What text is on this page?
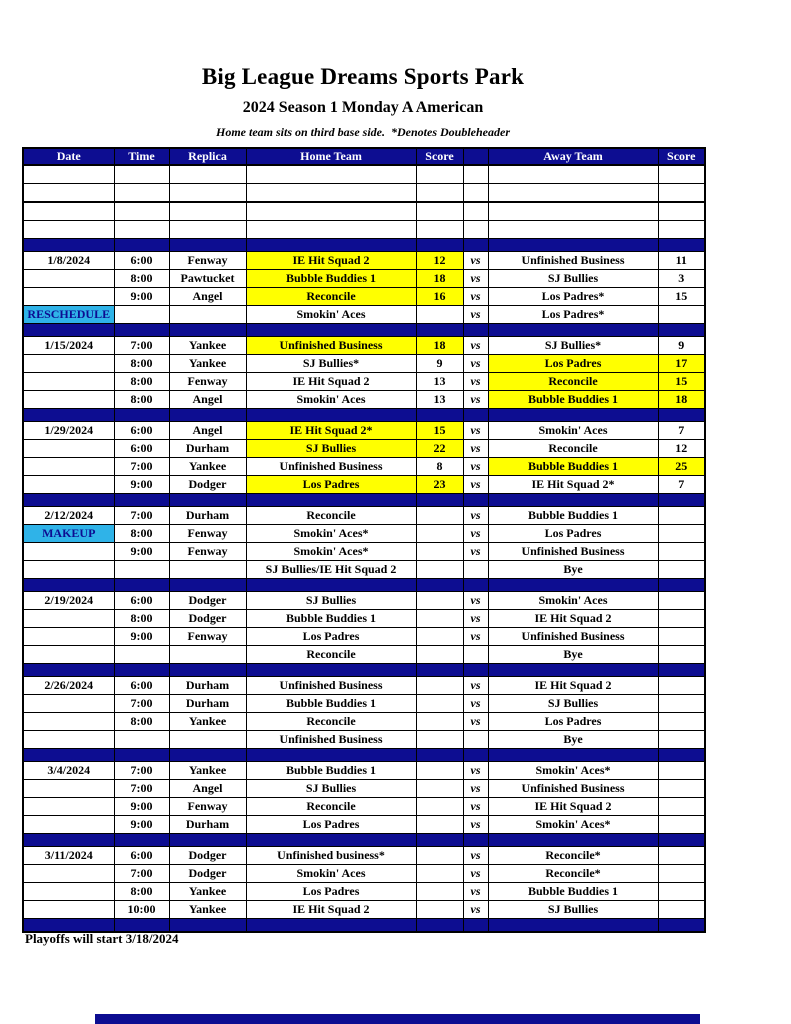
Big League Dreams Sports Park
2024 Season 1 Monday A American
Home team sits on third base side.  *Denotes Doubleheader
Date	Time	Replica	Home Team	Score		Away Team	Score

1/8/2024	6:00	Fenway	IE Hit Squad 2	12	vs	Unfinished Business	11
	8:00	Pawtucket	Bubble Buddies 1	18	vs	SJ Bullies	3
	9:00	Angel	Reconcile	16	vs	Los Padres*	15
RESCHEDULE			Smokin' Aces		vs	Los Padres*	

1/15/2024	7:00	Yankee	Unfinished Business	18	vs	SJ Bullies*	9
	8:00	Yankee	SJ Bullies*	9	vs	Los Padres	17
	8:00	Fenway	IE Hit Squad 2	13	vs	Reconcile	15
	8:00	Angel	Smokin' Aces	13	vs	Bubble Buddies 1	18

1/29/2024	6:00	Angel	IE Hit Squad 2*	15	vs	Smokin' Aces	7
	6:00	Durham	SJ Bullies	22	vs	Reconcile	12
	7:00	Yankee	Unfinished Business	8	vs	Bubble Buddies 1	25
	9:00	Dodger	Los Padres	23	vs	IE Hit Squad 2*	7

2/12/2024	7:00	Durham	Reconcile		vs	Bubble Buddies 1	
MAKEUP	8:00	Fenway	Smokin' Aces*		vs	Los Padres	
	9:00	Fenway	Smokin' Aces*		vs	Unfinished Business	
			SJ Bullies/IE Hit Squad 2			Bye	

2/19/2024	6:00	Dodger	SJ Bullies		vs	Smokin' Aces	
	8:00	Dodger	Bubble Buddies 1		vs	IE Hit Squad 2	
	9:00	Fenway	Los Padres		vs	Unfinished Business	
			Reconcile			Bye	

2/26/2024	6:00	Durham	Unfinished Business		vs	IE Hit Squad 2	
	7:00	Durham	Bubble Buddies 1		vs	SJ Bullies	
	8:00	Yankee	Reconcile		vs	Los Padres	
			Unfinished Business			Bye	

3/4/2024	7:00	Yankee	Bubble Buddies 1		vs	Smokin' Aces*	
	7:00	Angel	SJ Bullies		vs	Unfinished Business	
	9:00	Fenway	Reconcile		vs	IE Hit Squad 2	
	9:00	Durham	Los Padres		vs	Smokin' Aces*	

3/11/2024	6:00	Dodger	Unfinished business*		vs	Reconcile*	
	7:00	Dodger	Smokin' Aces		vs	Reconcile*	
	8:00	Yankee	Los Padres		vs	Bubble Buddies 1	
	10:00	Yankee	IE Hit Squad 2		vs	SJ Bullies	

Playoffs will start 3/18/2024
